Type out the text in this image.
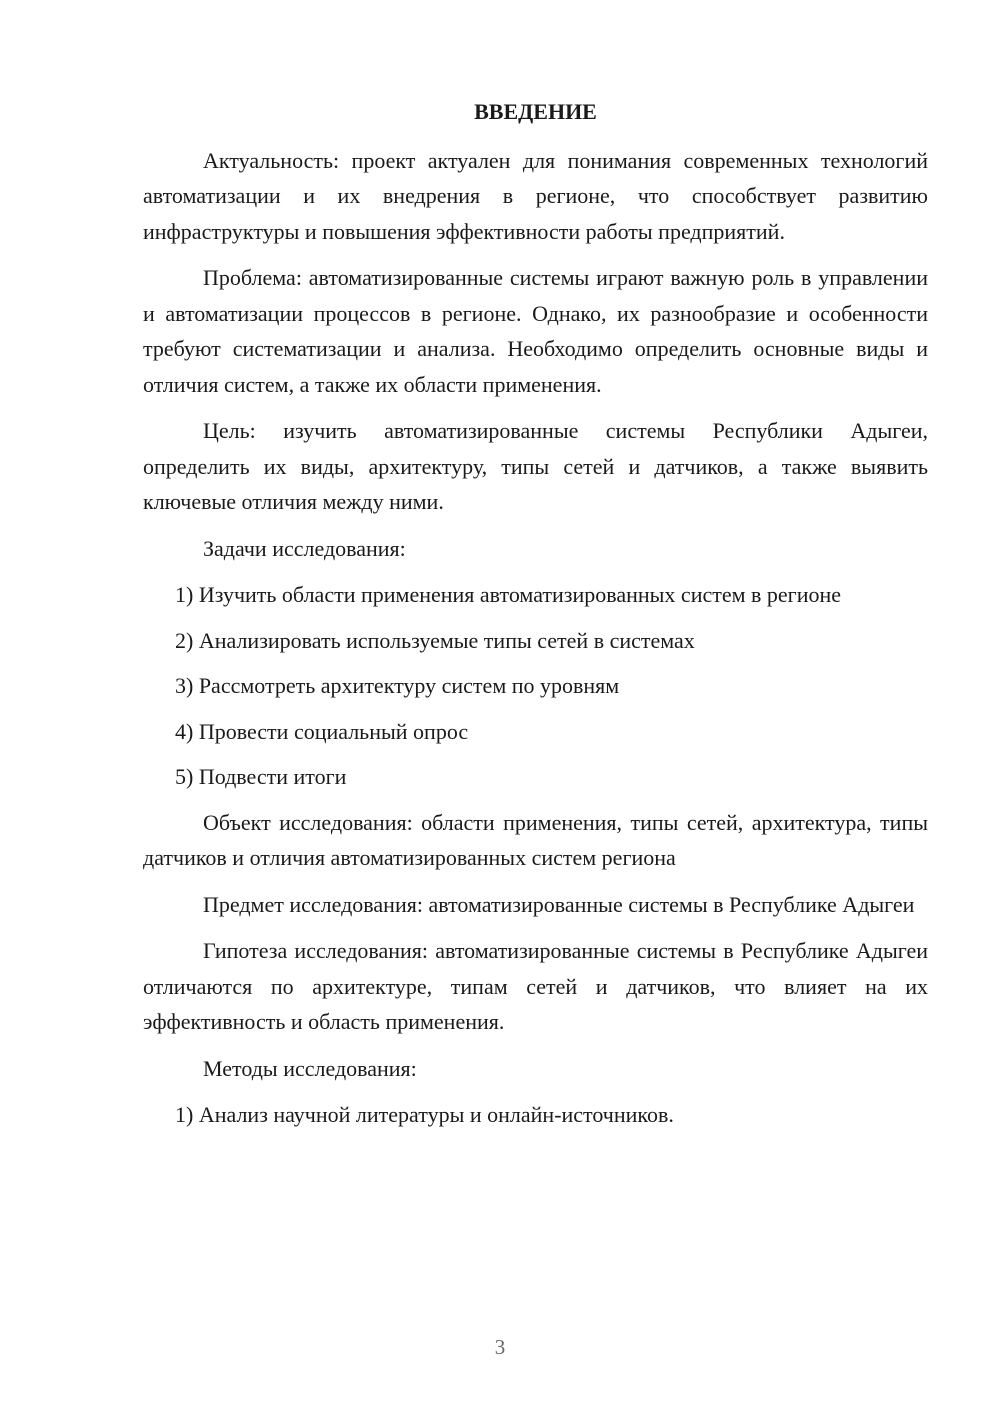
ВВЕДЕНИЕ

Актуальность: проект актуален для понимания современных технологий автоматизации и их внедрения в регионе, что способствует развитию инфраструктуры и повышения эффективности работы предприятий.

Проблема: автоматизированные системы играют важную роль в управлении и автоматизации процессов в регионе. Однако, их разнообразие и особенности требуют систематизации и анализа. Необходимо определить основные виды и отличия систем, а также их области применения.

Цель: изучить автоматизированные системы Республики Адыгеи, определить их виды, архитектуру, типы сетей и датчиков, а также выявить ключевые отличия между ними.

Задачи исследования:

1) Изучить области применения автоматизированных систем в регионе

2) Анализировать используемые типы сетей в системах

3) Рассмотреть архитектуру систем по уровням

4) Провести социальный опрос

5) Подвести итоги

Объект исследования: области применения, типы сетей, архитектура, типы датчиков и отличия автоматизированных систем региона

Предмет исследования: автоматизированные системы в Республике Адыгеи

Гипотеза исследования: автоматизированные системы в Республике Адыгеи отличаются по архитектуре, типам сетей и датчиков, что влияет на их эффективность и область применения.

Методы исследования:

1) Анализ научной литературы и онлайн-источников.

3
